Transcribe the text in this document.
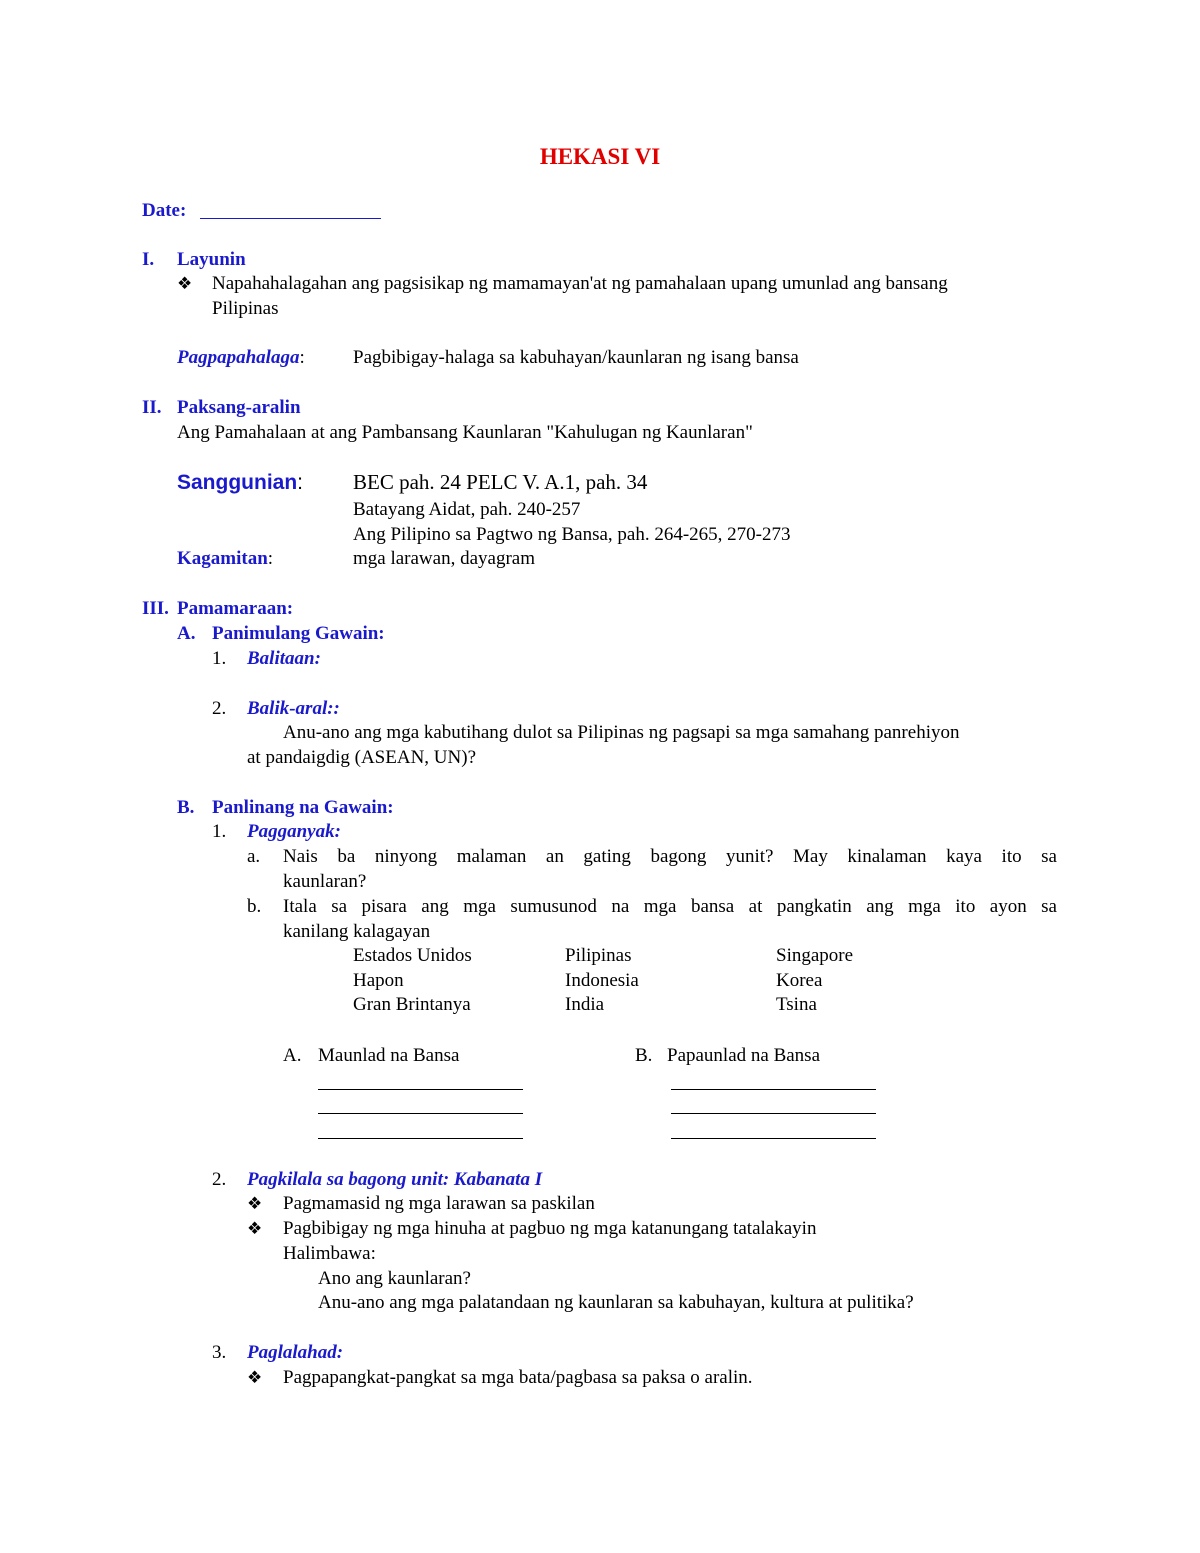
HEKASI VI
Date:
I. Layunin
❖ Napahahalagahan ang pagsisikap ng mamamayan'at ng pamahalaan upang umunlad ang bansang
Pilipinas
Pagpapahalaga:	Pagbibigay-halaga sa kabuhayan/kaunlaran ng isang bansa
II. Paksang-aralin
Ang Pamahalaan at ang Pambansang Kaunlaran "Kahulugan ng Kaunlaran"
Sanggunian: BEC pah. 24 PELC V. A.1, pah. 34
Batayang Aidat, pah. 240-257
Ang Pilipino sa Pagtwo ng Bansa, pah. 264-265, 270-273
Kagamitan:	mga larawan, dayagram
III. Pamamaraan:
A. Panimulang Gawain:
1. Balitaan:
2. Balik-aral::
Anu-ano ang mga kabutihang dulot sa Pilipinas ng pagsapi sa mga samahang panrehiyon
at pandaigdig (ASEAN, UN)?
B. Panlinang na Gawain:
1. Pagganyak:
a. Nais ba ninyong malaman an gating bagong yunit? May kinalaman kaya ito sa
kaunlaran?
b. Itala sa pisara ang mga sumusunod na mga bansa at pangkatin ang mga ito ayon sa
kanilang kalagayan
Estados Unidos	Pilipinas	Singapore
Hapon	Indonesia	Korea
Gran Brintanya	India	Tsina
A. Maunlad na Bansa	B. Papaunlad na Bansa
2. Pagkilala sa bagong unit: Kabanata I
❖ Pagmamasid ng mga larawan sa paskilan
❖ Pagbibigay ng mga hinuha at pagbuo ng mga katanungang tatalakayin
Halimbawa:
Ano ang kaunlaran?
Anu-ano ang mga palatandaan ng kaunlaran sa kabuhayan, kultura at pulitika?
3. Paglalahad:
❖ Pagpapangkat-pangkat sa mga bata/pagbasa sa paksa o aralin.
